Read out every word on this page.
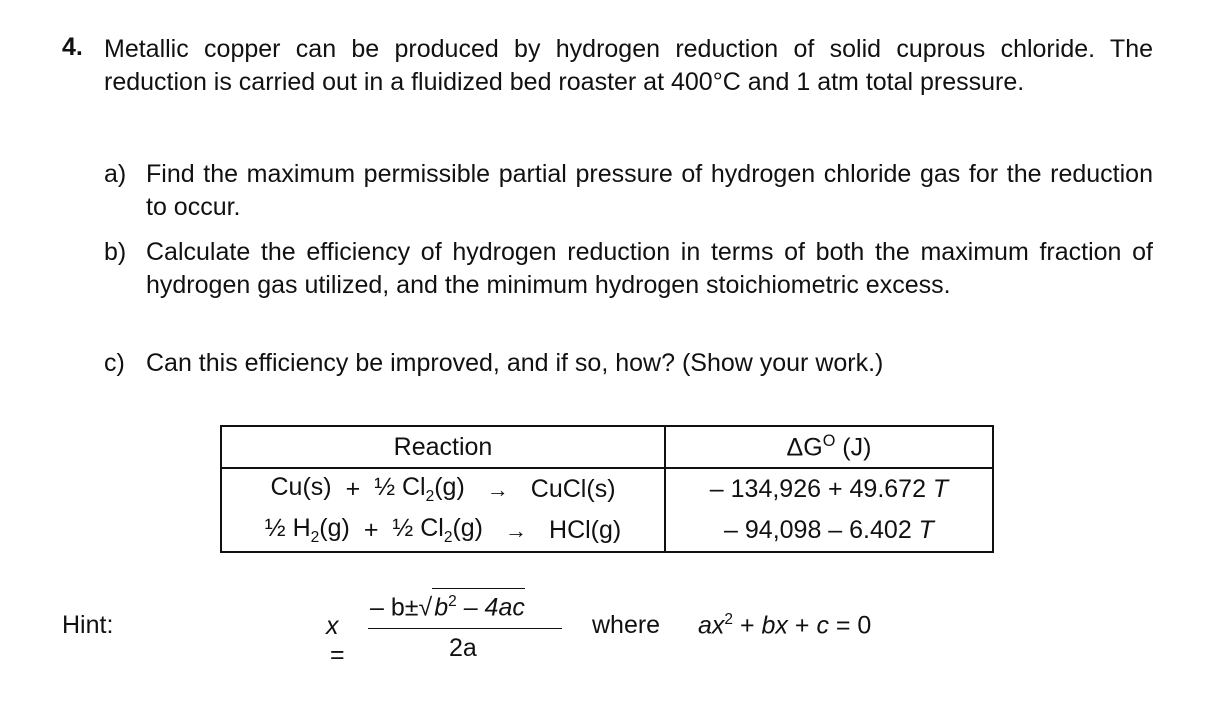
4. Metallic copper can be produced by hydrogen reduction of solid cuprous chloride. The reduction is carried out in a fluidized bed roaster at 400°C and 1 atm total pressure.
a) Find the maximum permissible partial pressure of hydrogen chloride gas for the reduction to occur.
b) Calculate the efficiency of hydrogen reduction in terms of both the maximum fraction of hydrogen gas utilized, and the minimum hydrogen stoichiometric excess.
c) Can this efficiency be improved, and if so, how? (Show your work.)
Reaction	$\Delta G^O$ (J)

Cu(s) + ½ $Cl_2(g)$ → CuCl(s)	– 134,926 + 49.672 T

½ $H_2(g)$ + ½ $Cl_2(g) \to HCl(g)$	– 94,098 – 6.402 T
Hint:	x =
– $b\pm√b^2 - 4ac$
2a
where $ax^2$ + bx + c = 0
